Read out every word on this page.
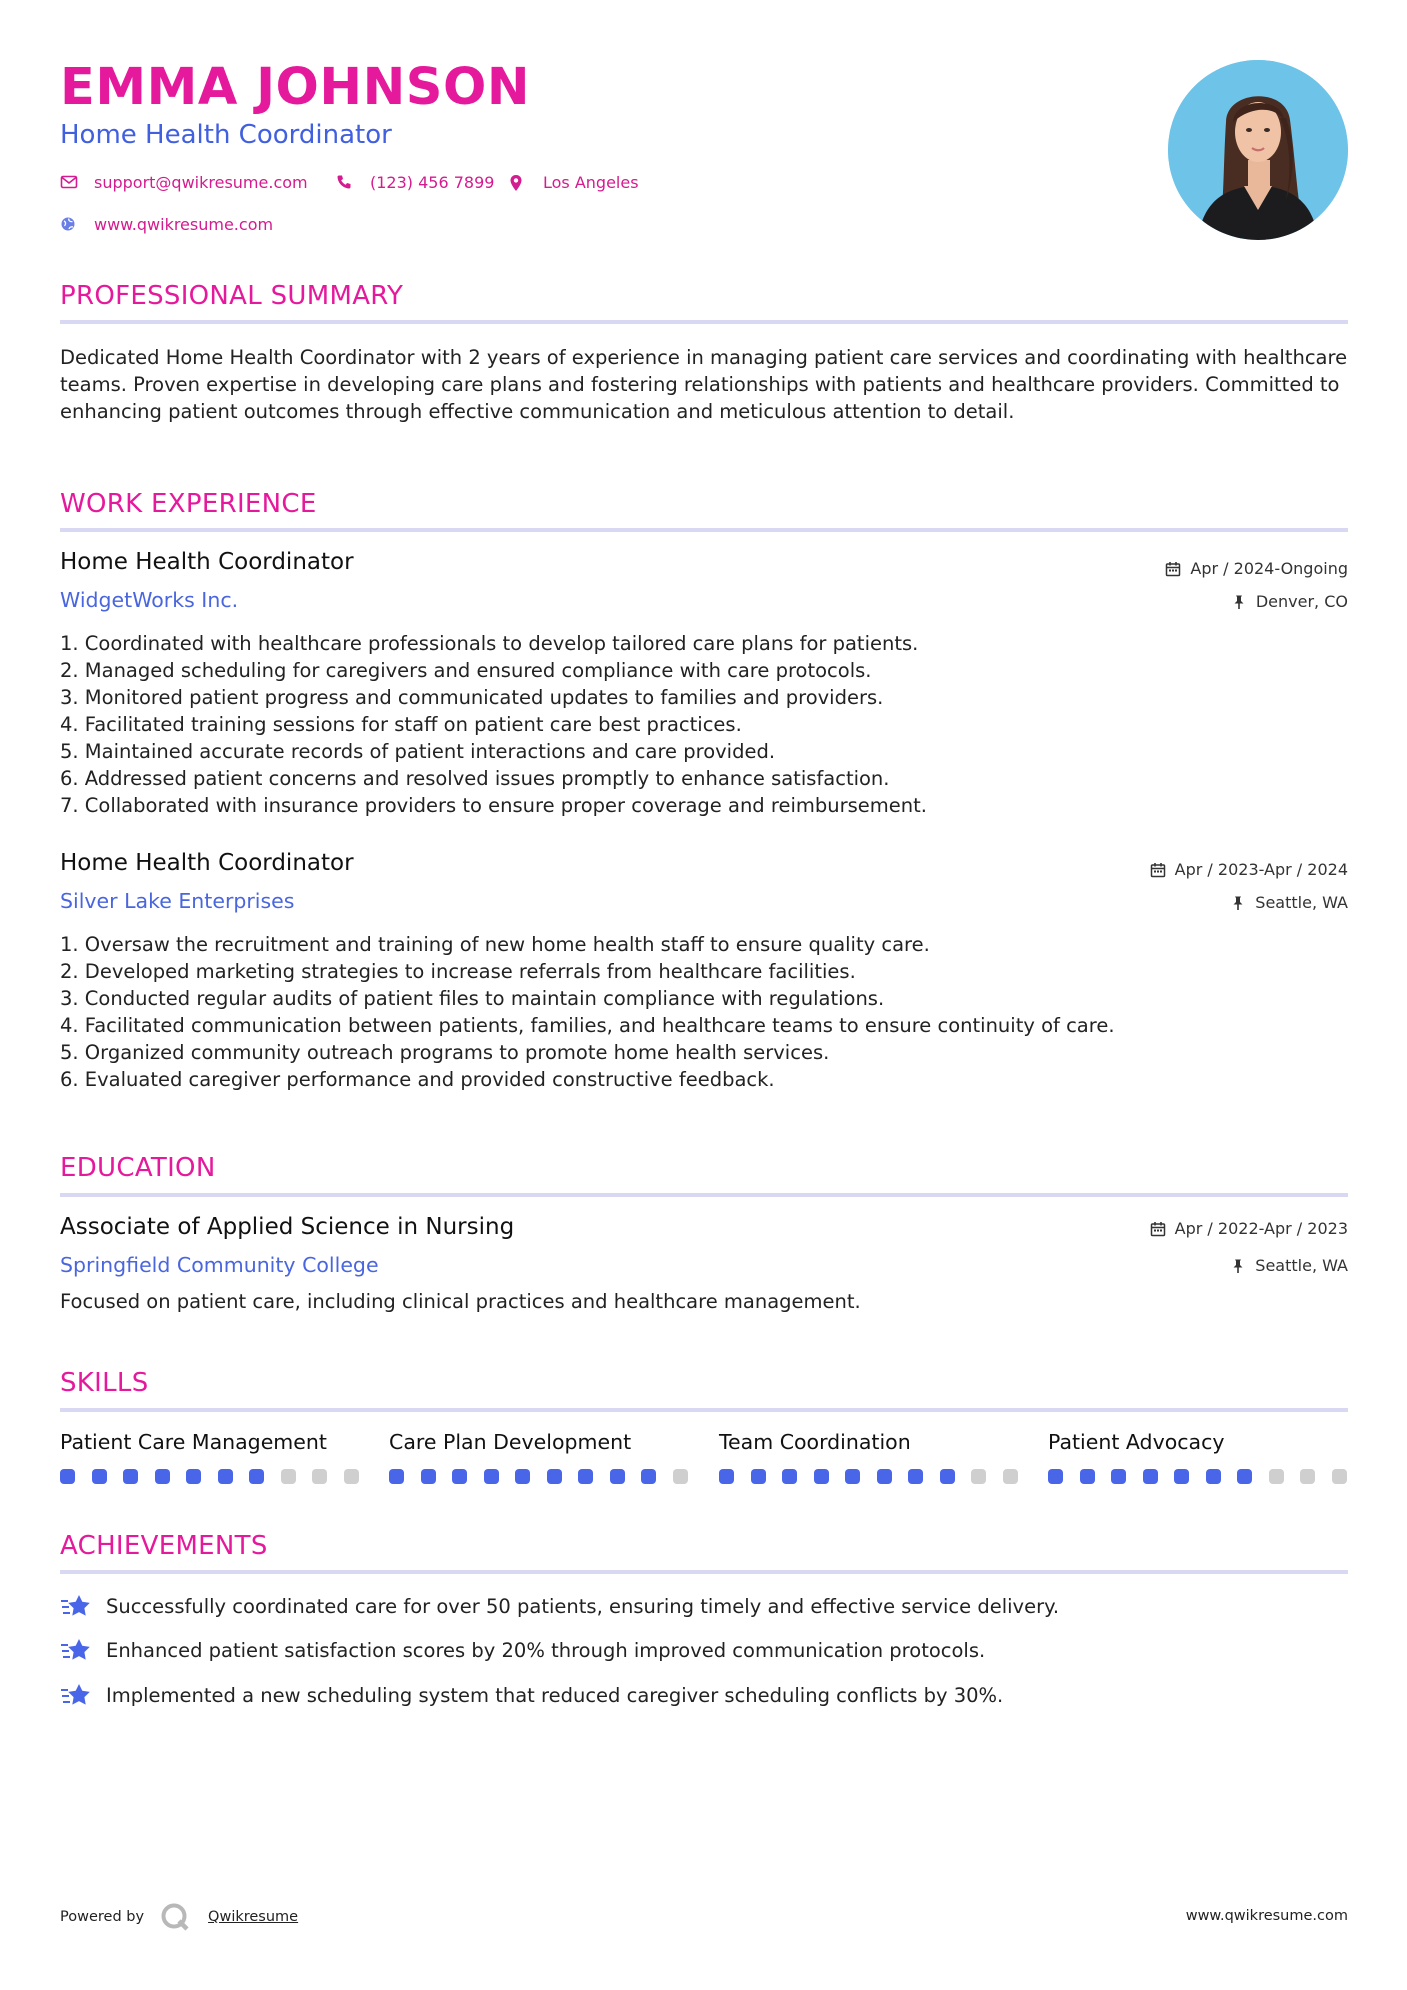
EMMA JOHNSON
Home Health Coordinator
support@qwikresume.com	(123) 456 7899	Los Angeles
www.qwikresume.com
PROFESSIONAL SUMMARY
Dedicated Home Health Coordinator with 2 years of experience in managing patient care services and coordinating with healthcare teams. Proven expertise in developing care plans and fostering relationships with patients and healthcare providers. Committed to enhancing patient outcomes through effective communication and meticulous attention to detail.
WORK EXPERIENCE
Home Health Coordinator
WidgetWorks Inc.
Apr / 2024-Ongoing
Denver, CO
1. Coordinated with healthcare professionals to develop tailored care plans for patients.
2. Managed scheduling for caregivers and ensured compliance with care protocols.
3. Monitored patient progress and communicated updates to families and providers.
4. Facilitated training sessions for staff on patient care best practices.
5. Maintained accurate records of patient interactions and care provided.
6. Addressed patient concerns and resolved issues promptly to enhance satisfaction.
7. Collaborated with insurance providers to ensure proper coverage and reimbursement.
Home Health Coordinator
Silver Lake Enterprises
Apr / 2023-Apr / 2024
Seattle, WA
1. Oversaw the recruitment and training of new home health staff to ensure quality care.
2. Developed marketing strategies to increase referrals from healthcare facilities.
3. Conducted regular audits of patient files to maintain compliance with regulations.
4. Facilitated communication between patients, families, and healthcare teams to ensure continuity of care.
5. Organized community outreach programs to promote home health services.
6. Evaluated caregiver performance and provided constructive feedback.
EDUCATION
Associate of Applied Science in Nursing
Springfield Community College
Apr / 2022-Apr / 2023
Seattle, WA
Focused on patient care, including clinical practices and healthcare management.
SKILLS
Patient Care Management	Care Plan Development	Team Coordination	Patient Advocacy
ACHIEVEMENTS
Successfully coordinated care for over 50 patients, ensuring timely and effective service delivery.
Enhanced patient satisfaction scores by 20% through improved communication protocols.
Implemented a new scheduling system that reduced caregiver scheduling conflicts by 30%.
Powered by	Qwikresume	www.qwikresume.com
